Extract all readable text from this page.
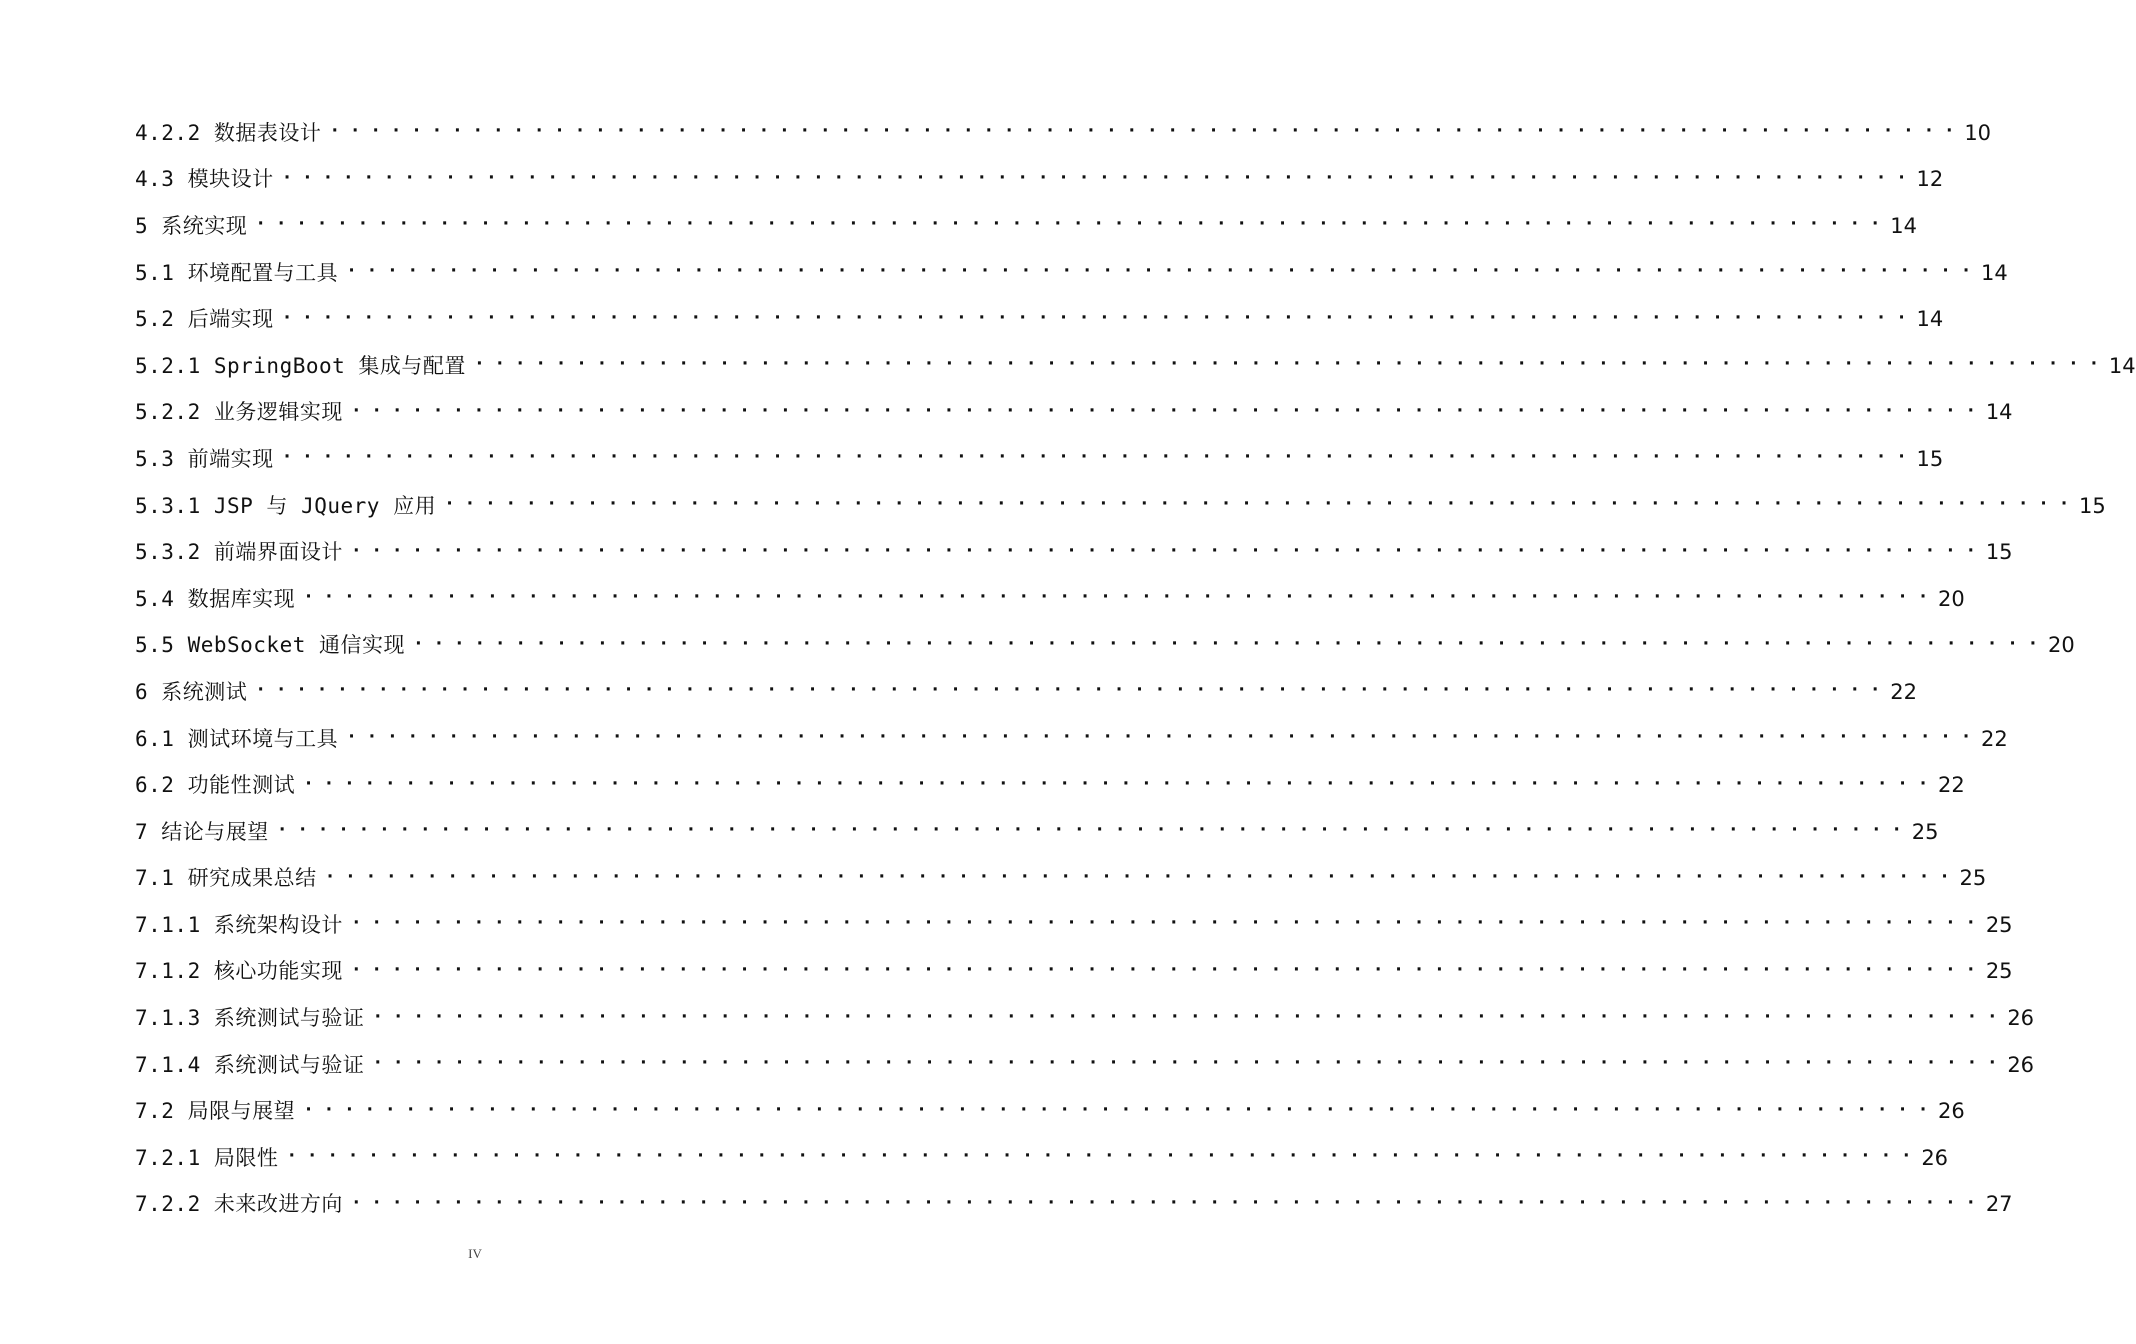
4.2.2 数据表设计 ················································································ 10
4.3 模块设计 ················································································ 12
5 系统实现 ················································································ 14
5.1 环境配置与工具 ················································································ 14
5.2 后端实现 ················································································ 14
5.2.1 SpringBoot 集成与配置 ················································································ 14
5.2.2 业务逻辑实现 ················································································ 14
5.3 前端实现 ················································································ 15
5.3.1 JSP 与 JQuery 应用 ················································································ 15
5.3.2 前端界面设计 ················································································ 15
5.4 数据库实现 ················································································ 20
5.5 WebSocket 通信实现 ················································································ 20
6 系统测试 ················································································ 22
6.1 测试环境与工具 ················································································ 22
6.2 功能性测试 ················································································ 22
7 结论与展望 ················································································ 25
7.1 研究成果总结 ················································································ 25
7.1.1 系统架构设计 ················································································ 25
7.1.2 核心功能实现 ················································································ 25
7.1.3 系统测试与验证 ················································································ 26
7.1.4 系统测试与验证 ················································································ 26
7.2 局限与展望 ················································································ 26
7.2.1 局限性 ················································································ 26
7.2.2 未来改进方向 ················································································ 27
IV
